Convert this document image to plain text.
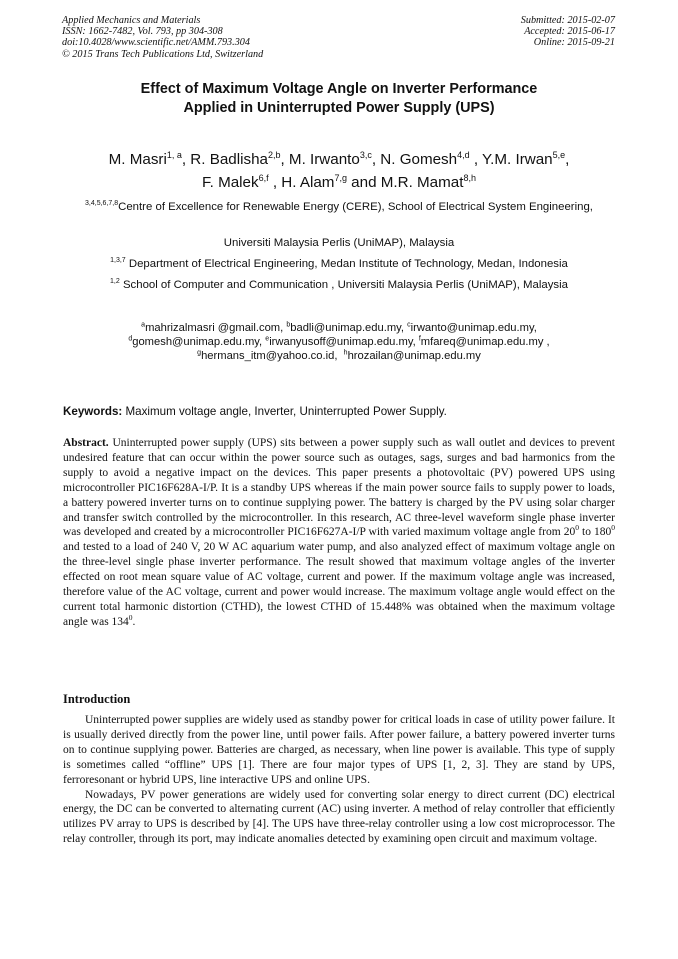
Applied Mechanics and Materials
ISSN: 1662-7482, Vol. 793, pp 304-308
doi:10.4028/www.scientific.net/AMM.793.304
© 2015 Trans Tech Publications Ltd, Switzerland
Submitted: 2015-02-07
Accepted: 2015-06-17
Online: 2015-09-21
Effect of Maximum Voltage Angle on Inverter Performance
Applied in Uninterrupted Power Supply (UPS)
M. Masri$^{1, a}$, R. Badlisha$^{2,b}$, M. Irwanto$^{3,c}$, N. Gomesh$^{4,d}$ , Y.M. Irwan$^{5,e}$,
F. Malek$^{6,f}$ , H. Alam$^{7,g}$ and M.R. Mamat$^{8,h}$
$^{3,4,5,6,7,8}$Centre of Excellence for Renewable Energy (CERE), School of Electrical System Engineering,
Universiti Malaysia Perlis (UniMAP), Malaysia
$^{1,3,7}$ Department of Electrical Engineering, Medan Institute of Technology, Medan, Indonesia
$^{1,2}$ School of Computer and Communication , Universiti Malaysia Perlis (UniMAP), Malaysia
$^a$mahrizalmasri @gmail.com, $^b$badli@unimap.edu.my, $^c$irwanto@unimap.edu.my,
$^d$gomesh@unimap.edu.my, $^e$irwanyusoff@unimap.edu.my, $^f$mfareq@unimap.edu.my ,
$^g$hermans_itm@yahoo.co.id, $^h$hrozailan@unimap.edu.my
Keywords: Maximum voltage angle, Inverter, Uninterrupted Power Supply.
Abstract. Uninterrupted power supply (UPS) sits between a power supply such as wall outlet and devices to prevent undesired feature that can occur within the power source such as outages, sags, surges and bad harmonics from the supply to avoid a negative impact on the devices. This paper presents a photovoltaic (PV) powered UPS using microcontroller PIC16F628A-I/P. It is a standby UPS whereas if the main power source fails to supply power to loads, a battery powered inverter turns on to continue supplying power. The battery is charged by the PV using solar charger and transfer switch controlled by the microcontroller. In this research, AC three-level waveform single phase inverter was developed and created by a microcontroller PIC16F627A-I/P with varied maximum voltage angle from $20^0$ to $180^0$ and tested to a load of 240 V, 20 W AC aquarium water pump, and also analyzed effect of maximum voltage angle on the three-level single phase inverter performance. The result showed that maximum voltage angles of the inverter effected on root mean square value of AC voltage, current and power. If the maximum voltage angle was increased, therefore value of the AC voltage, current and power would increase. The maximum voltage angle would effect on the current total harmonic distortion (CTHD), the lowest CTHD of 15.448% was obtained when the maximum voltage angle was $134^0$.
Introduction

Uninterrupted power supplies are widely used as standby power for critical loads in case of utility power failure. It is usually derived directly from the power line, until power fails. After power failure, a battery powered inverter turns on to continue supplying power. Batteries are charged, as necessary, when line power is available. This type of supply is sometimes called “offline” UPS [1]. There are four major types of UPS [1, 2, 3]. They are stand by UPS, ferroresonant or hybrid UPS, line interactive UPS and online UPS.

Nowadays, PV power generations are widely used for converting solar energy to direct current (DC) electrical energy, the DC can be converted to alternating current (AC) using inverter. A method of relay controller that efficiently utilizes PV array to UPS is described by [4]. The UPS have three-relay controller using a low cost microprocessor. The relay controller, through its port, may indicate anomalies detected by examining open circuit and maximum voltage.
